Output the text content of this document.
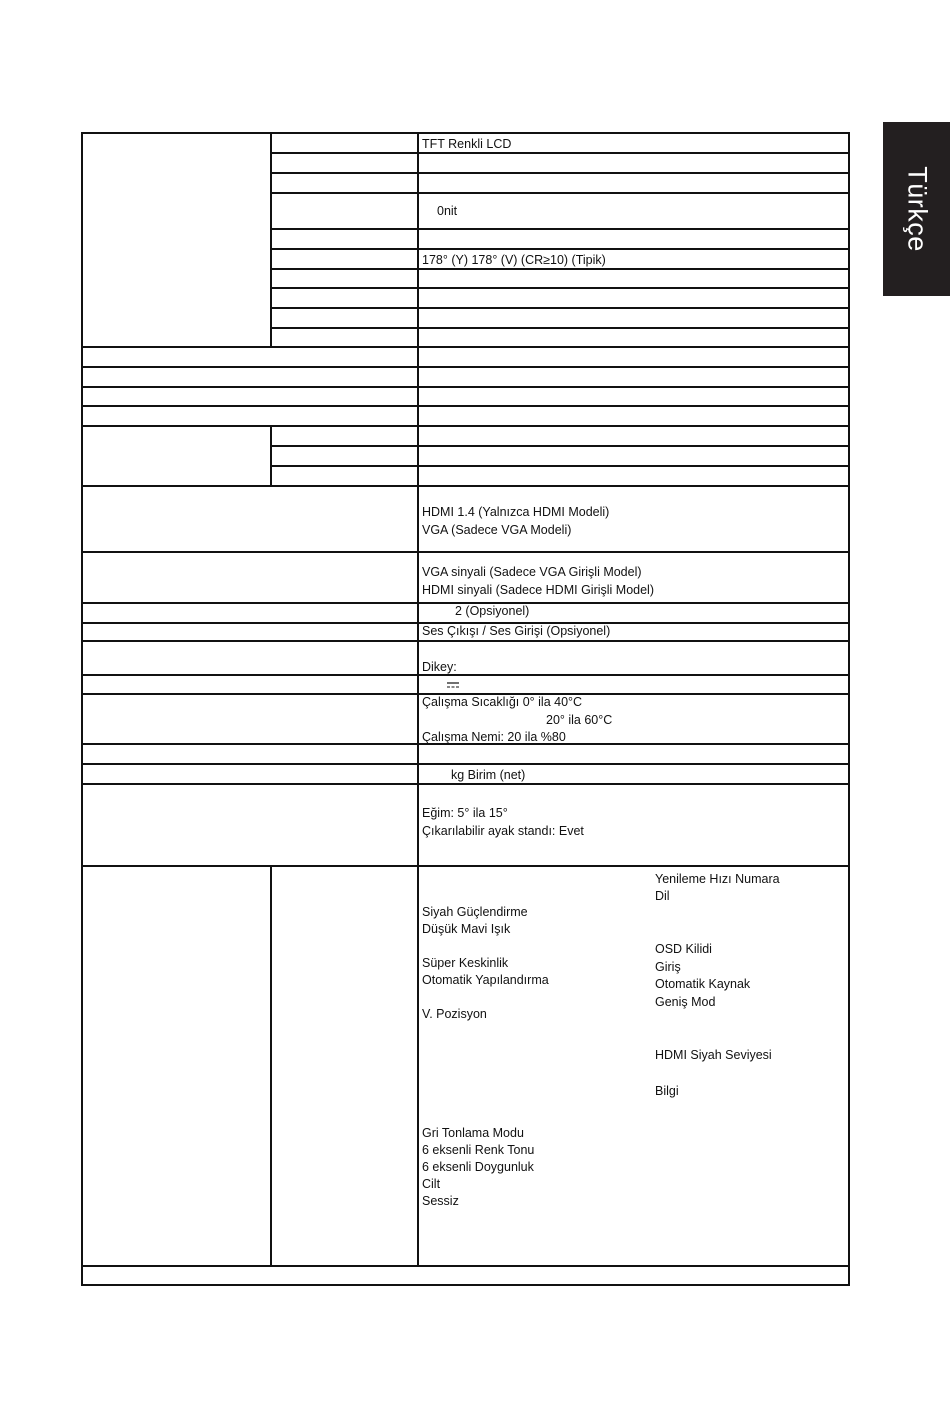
Türkçe
TFT Renkli LCD
0nit
178° (Y) 178° (V) (CR≥10) (Tipik)
HDMI 1.4 (Yalnızca HDMI Modeli)
VGA (Sadece VGA Modeli)
VGA sinyali (Sadece VGA Girişli Model)
HDMI sinyali (Sadece HDMI Girişli Model)
2 (Opsiyonel)
Ses Çıkışı / Ses Girişi (Opsiyonel)
Dikey:
Çalışma Sıcaklığı 0° ila 40°C
20° ila 60°C
Çalışma Nemi: 20 ila %80
kg Birim (net)
Eğim: 5° ila 15°
Çıkarılabilir ayak standı: Evet
Siyah Güçlendirme
Düşük Mavi Işık
Süper Keskinlik
Otomatik Yapılandırma
V. Pozisyon
Gri Tonlama Modu
6 eksenli Renk Tonu
6 eksenli Doygunluk
Cilt
Sessiz
Yenileme Hızı Numara
Dil
OSD Kilidi
Giriş
Otomatik Kaynak
Geniş Mod
HDMI Siyah Seviyesi
Bilgi
